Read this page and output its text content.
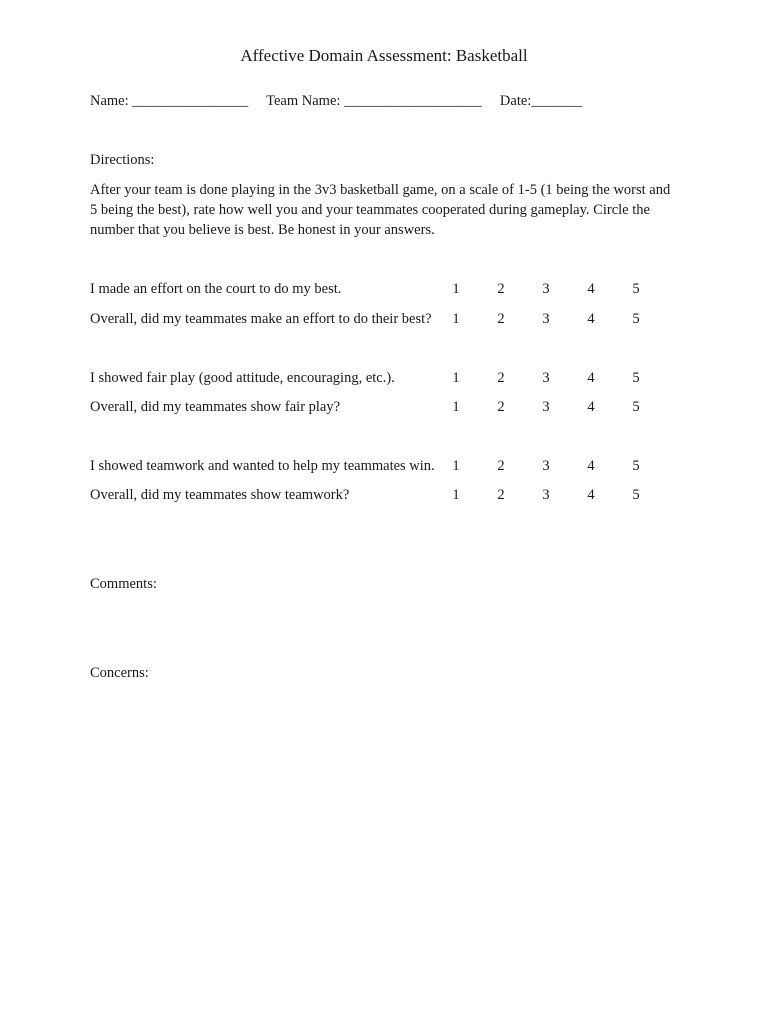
Affective Domain Assessment: Basketball
Name: ________________     Team Name: ___________________     Date:_______
Directions:
After your team is done playing in the 3v3 basketball game, on a scale of 1-5 (1 being the worst and 5 being the best), rate how well you and your teammates cooperated during gameplay. Circle the number that you believe is best. Be honest in your answers.
I made an effort on the court to do my best.	1	2	3	4	5
Overall, did my teammates make an effort to do their best? 1	2	3	4	5
I showed fair play (good attitude, encouraging, etc.).	1	2	3	4	5
Overall, did my teammates show fair play?	1	2	3	4	5
I showed teamwork and wanted to help my teammates win. 1	2	3	4	5
Overall, did my teammates show teamwork?	1	2	3	4	5
Comments:
Concerns:
